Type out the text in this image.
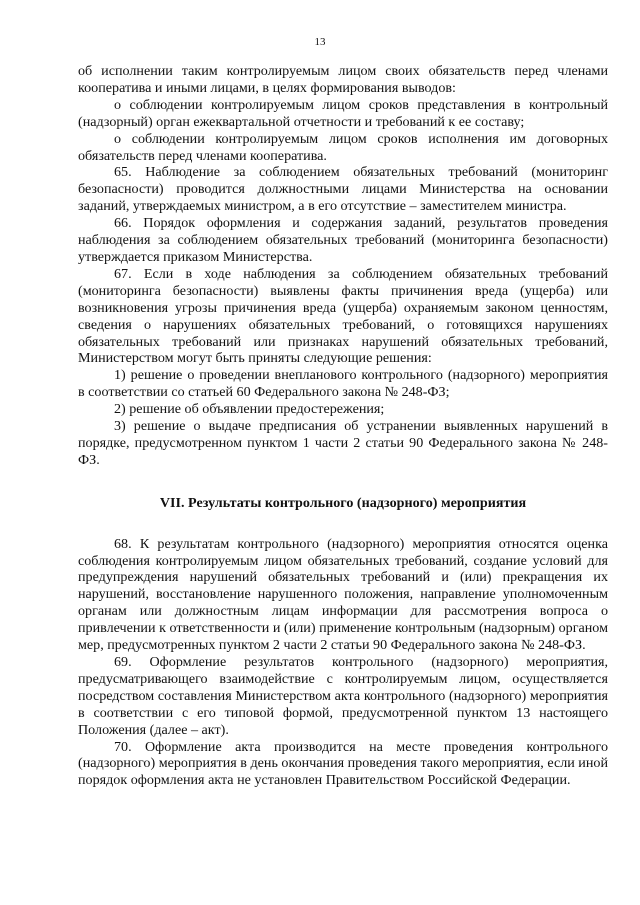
13

об исполнении таким контролируемым лицом своих обязательств перед членами кооператива и иными лицами, в целях формирования выводов:

о соблюдении контролируемым лицом сроков представления в контрольный (надзорный) орган ежеквартальной отчетности и требований к ее составу;

о соблюдении контролируемым лицом сроков исполнения им договорных обязательств перед членами кооператива.

65. Наблюдение за соблюдением обязательных требований (мониторинг безопасности) проводится должностными лицами Министерства на основании заданий, утверждаемых министром, а в его отсутствие – заместителем министра.

66. Порядок оформления и содержания заданий, результатов проведения наблюдения за соблюдением обязательных требований (мониторинга безопасности) утверждается приказом Министерства.

67. Если в ходе наблюдения за соблюдением обязательных требований (мониторинга безопасности) выявлены факты причинения вреда (ущерба) или возникновения угрозы причинения вреда (ущерба) охраняемым законом ценностям, сведения о нарушениях обязательных требований, о готовящихся нарушениях обязательных требований или признаках нарушений обязательных требований, Министерством могут быть приняты следующие решения:

1) решение о проведении внепланового контрольного (надзорного) мероприятия в соответствии со статьей 60 Федерального закона № 248-ФЗ;

2) решение об объявлении предостережения;

3) решение о выдаче предписания об устранении выявленных нарушений в порядке, предусмотренном пунктом 1 части 2 статьи 90 Федерального закона № 248-ФЗ.

VII. Результаты контрольного (надзорного) мероприятия

68. К результатам контрольного (надзорного) мероприятия относятся оценка соблюдения контролируемым лицом обязательных требований, создание условий для предупреждения нарушений обязательных требований и (или) прекращения их нарушений, восстановление нарушенного положения, направление уполномоченным органам или должностным лицам информации для рассмотрения вопроса о привлечении к ответственности и (или) применение контрольным (надзорным) органом мер, предусмотренных пунктом 2 части 2 статьи 90 Федерального закона № 248-ФЗ.

69. Оформление результатов контрольного (надзорного) мероприятия, предусматривающего взаимодействие с контролируемым лицом, осуществляется посредством составления Министерством акта контрольного (надзорного) мероприятия в соответствии с его типовой формой, предусмотренной пунктом 13 настоящего Положения (далее – акт).

70. Оформление акта производится на месте проведения контрольного (надзорного) мероприятия в день окончания проведения такого мероприятия, если иной порядок оформления акта не установлен Правительством Российской Федерации.
